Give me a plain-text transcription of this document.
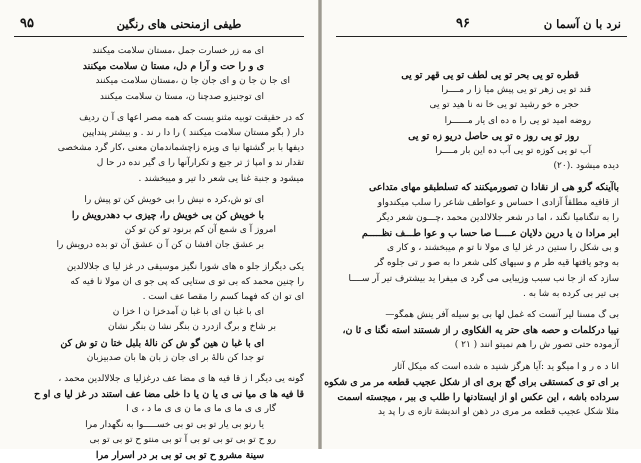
۹۵	طیفی ازمنحنی های رنگین
ای مه زر خسارت جمل ،مستان سلامت میکنند
ی و را حت و آرا م دل، مستا ن سلامت میکنند
ای جا ن جا ن و ای جان جا ن ،مستان سلامت میکنند
ای توجنیزو صدچنا ن، مستا ن سلامت میکنند
که در حقیقت توبیه مثنو یست که همه مصر اعها ی آ ن ردیف
دار ( بگو مستان سلامت میکنند ) را دا ر ند . و بیشتر پنداپین
دیفها با بر گشتها نیا ی ویزه زاچشماندمان معنی ،کار گرد مشخصی
تقدار ند و امپا ژ تر جیع و تکرارآنها را ی گیر نده در حا ل
میشود و جنبة غنا یی شعر دا تیر و میبخشند .
ای تو ش،کرد ه نیش را بی خویش کن تو پیش را
با خویش کن بی خویش را، چیزی ب دهدرویش را
امروز آ ی شمع آن کم برنود تو کن تو کن
بر عشق جان افشا ن کن آ ن عشق آن تو بده درویش را
یکی دیگراز جلو ه های شورا نگیز موسیقی در غز لیا ی جلالالدین
را چنین محمد که بی تو ی ستایی که پی جو ی ان مولا نا فیه که
ای تو ان که فهما کسم را مقصا عف است .
ای با غبا ن ای با غبا ن آمدخزا ن ا خزا ن
بر شاخ و برگ ازدرد ن بنگر نشا ن بنگر نشان
ای با غبا ن هین گو ش کن نالۀ بلبل ختا ن تو ش کن
تو جدا کن نالۀ بر ای جان ز بان ها بان صدبیزبان
گونه یی دیگر ا ز قا فیه ها ی مضا عف درغزلیا ی جلالالدین محمد ،
قا فیه ها ی میا نی ی یا ن یا دا خلی مضا عف استند در غز لیا ی او ح
گار ی ی ما ی ما ی ما ن ی ی ما د ، ی ا
یا رنو بی یار تو بی تو بی خســـــوا به نگهدار مرا
رو ح تو بی تو بی تو بی آ تو بی منتو ح تو بی تو بی
سینة مشرو ح تو بی تو بی بر در اسرار مرا
۹۶	نرد با ن آسما ن
قطره تو یی بحر تو یی لطف تو یی قهر تو یی
قند تو یی زهر تو یی پیش میا زا ر مــــرا
حجر ه خو رشید تو یی خا نه نا هید تو یی
روضه امید تو یی را ه ده ای یار مــــــرا
روز تو یی روز ه تو یی حاصل دریو زه تو یی
آب تو یی کوزه تو یی آب ده این بار مــــرا
دیده میشود .(۲۰)
باآینکه گرو هی از نقادا ن تصورمیکنند که تسلطبقو مهای متداعی
از قافیه مطلقاً آزادی ا حساس و عواطف شاعر را سلب میکندواو
را به تنگنامیا نگند ، اما در شعر جلالالدین محمد ،چـــون شعر دیگر
ابر مرادا ن یا درین دلایان عـــــا صا حسا ب و عوا طـــف نظـــــم
و بی شکل را ستین در غز لیا ی مولا نا تو م میبخشند ، و کار ی
به وجو یافتها قیه طر م و سیهای کلی شعر دا به صو ر تی جلوه گر
سازد که از جا نب سبب وزیبایی می گرد ی میفرا ید بیشترف تیر آر ســــا
بی تیر بی کرده به شا به .
بی گ مسنا لیر آنست که غمل لها بی بو سیله آفر ینش همگو—
نیبا درکلمات و حصه های حتر یه الفکاوی ر از شستند استه نگنا ی ئا ن،
آزموده حتی تصور ش را هم نمیتو انند ( ۲۱ )
انا د ه ر و ا میگو ید :آیا هرگز شنید ه شده است که میکل آثار
بر ای تو ی کمستقی برای گچ بری ای از شکل عجیب قطعه مر مر ی شکوه
سرداده باشه ، این عکس او از ایستادنها را طلب ی ببر ، میجسته اسمت
مثلا شکل عجیب قطعه مر مری در ذهن او اندیشة تازه ی را پد ید
